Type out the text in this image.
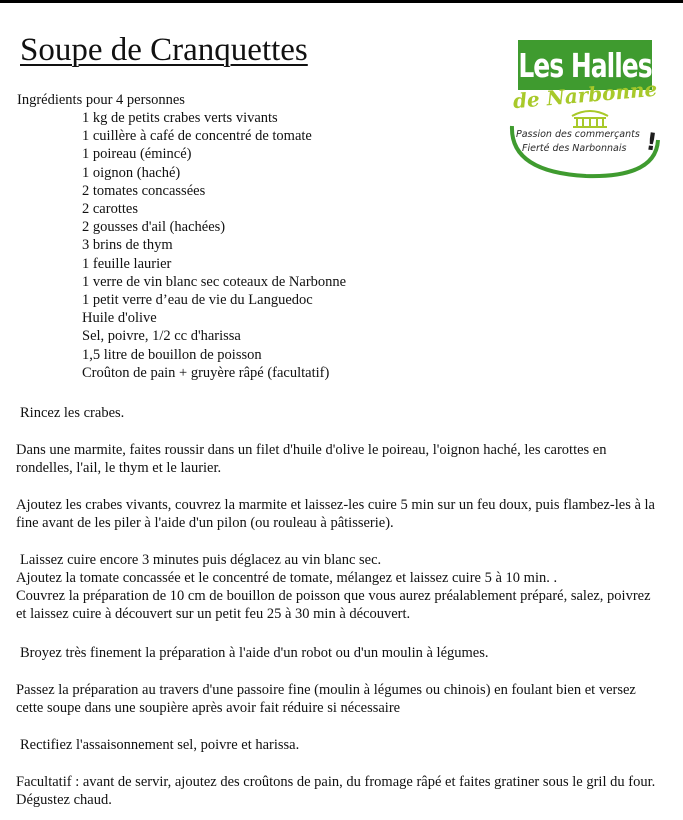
Soupe de Cranquettes	Les Halles
de Narbonne
Passion des commerçants
Fierté des Narbonnais !
Ingrédients pour 4 personnes
1 kg de petits crabes verts vivants
1 cuillère à café de concentré de tomate
1 poireau (émincé)
1 oignon (haché)
2 tomates concassées
2 carottes
2 gousses d'ail (hachées)
3 brins de thym
1 feuille laurier
1 verre de vin blanc sec coteaux de Narbonne
1 petit verre d’eau de vie du Languedoc
Huile d'olive
Sel, poivre, 1/2 cc d'harissa
1,5 litre de bouillon de poisson
Croûton de pain + gruyère râpé (facultatif)

Rincez les crabes.

Dans une marmite, faites roussir dans un filet d'huile d'olive le poireau, l'oignon haché, les carottes en rondelles, l'ail, le thym et le laurier.

Ajoutez les crabes vivants, couvrez la marmite et laissez-les cuire 5 min sur un feu doux, puis flambez-les à la fine avant de les piler à l'aide d'un pilon (ou rouleau à pâtisserie).

Laissez cuire encore 3 minutes puis déglacez au vin blanc sec.

Ajoutez la tomate concassée et le concentré de tomate, mélangez et laissez cuire 5 à 10 min. .

Couvrez la préparation de 10 cm de bouillon de poisson que vous aurez préalablement préparé, salez, poivrez et laissez cuire à découvert sur un petit feu 25 à 30 min à découvert.

Broyez très finement la préparation à l'aide d'un robot ou d'un moulin à légumes.

Passez la préparation au travers d'une passoire fine (moulin à légumes ou chinois) en foulant bien et versez cette soupe dans une soupière après avoir fait réduire si nécessaire

Rectifiez l'assaisonnement sel, poivre et harissa.

Facultatif : avant de servir, ajoutez des croûtons de pain, du fromage râpé et faites gratiner sous le gril du four. Dégustez chaud.
